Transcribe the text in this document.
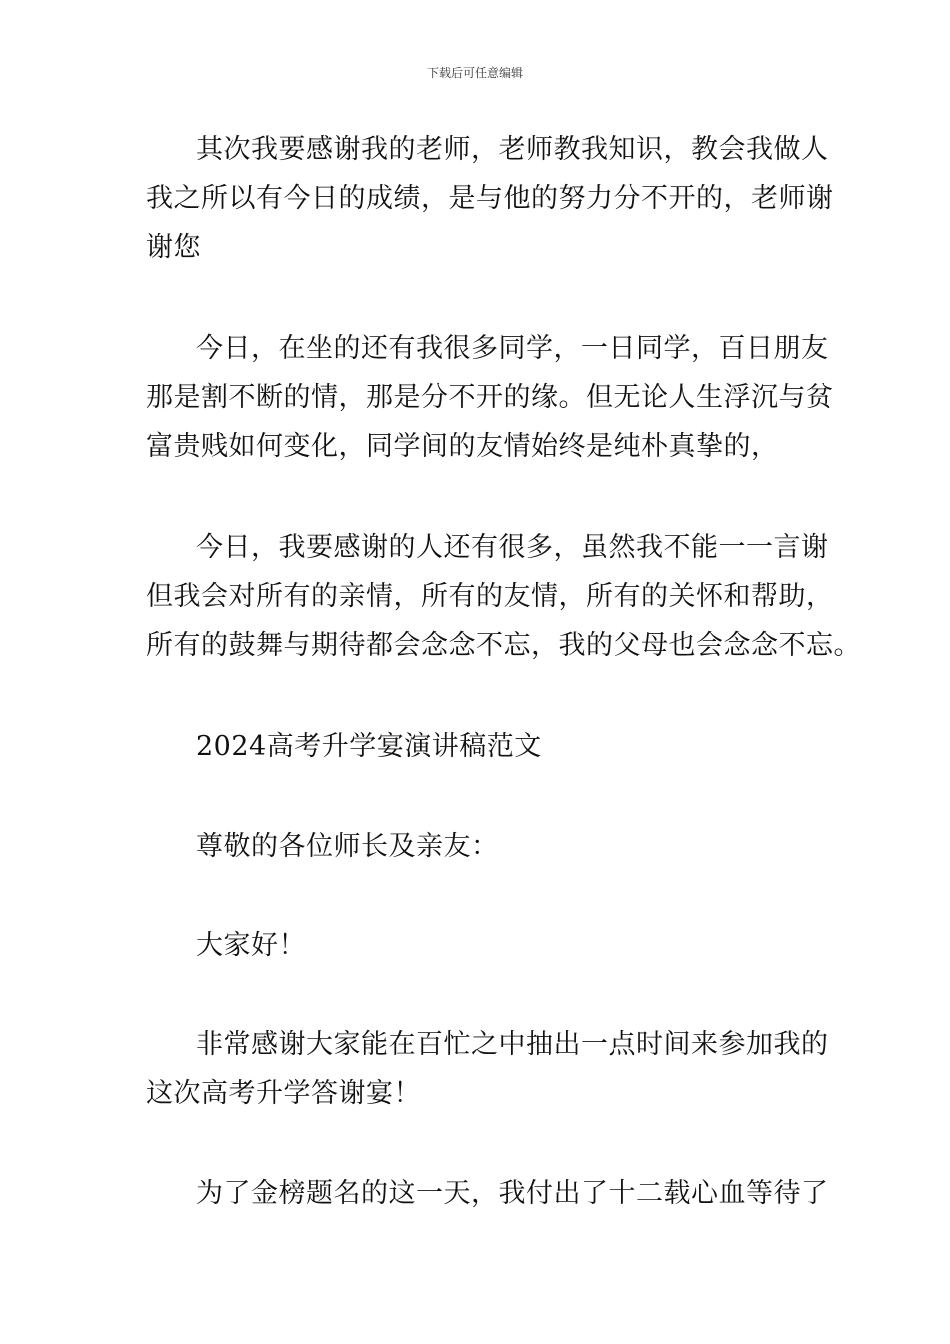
下载后可任意编辑
其次我要感谢我的老师，老师教我知识，教会我做人
我之所以有今日的成绩，是与他的努力分不开的，老师谢
谢您
今日，在坐的还有我很多同学，一日同学，百日朋友
那是割不断的情，那是分不开的缘。但无论人生浮沉与贫
富贵贱如何变化，同学间的友情始终是纯朴真挚的，
今日，我要感谢的人还有很多，虽然我不能一一言谢
但我会对所有的亲情，所有的友情，所有的关怀和帮助，
所有的鼓舞与期待都会念念不忘，我的父母也会念念不忘。
2024高考升学宴演讲稿范文
尊敬的各位师长及亲友：
大家好！
非常感谢大家能在百忙之中抽出一点时间来参加我的
这次高考升学答谢宴！
为了金榜题名的这一天，我付出了十二载心血等待了
